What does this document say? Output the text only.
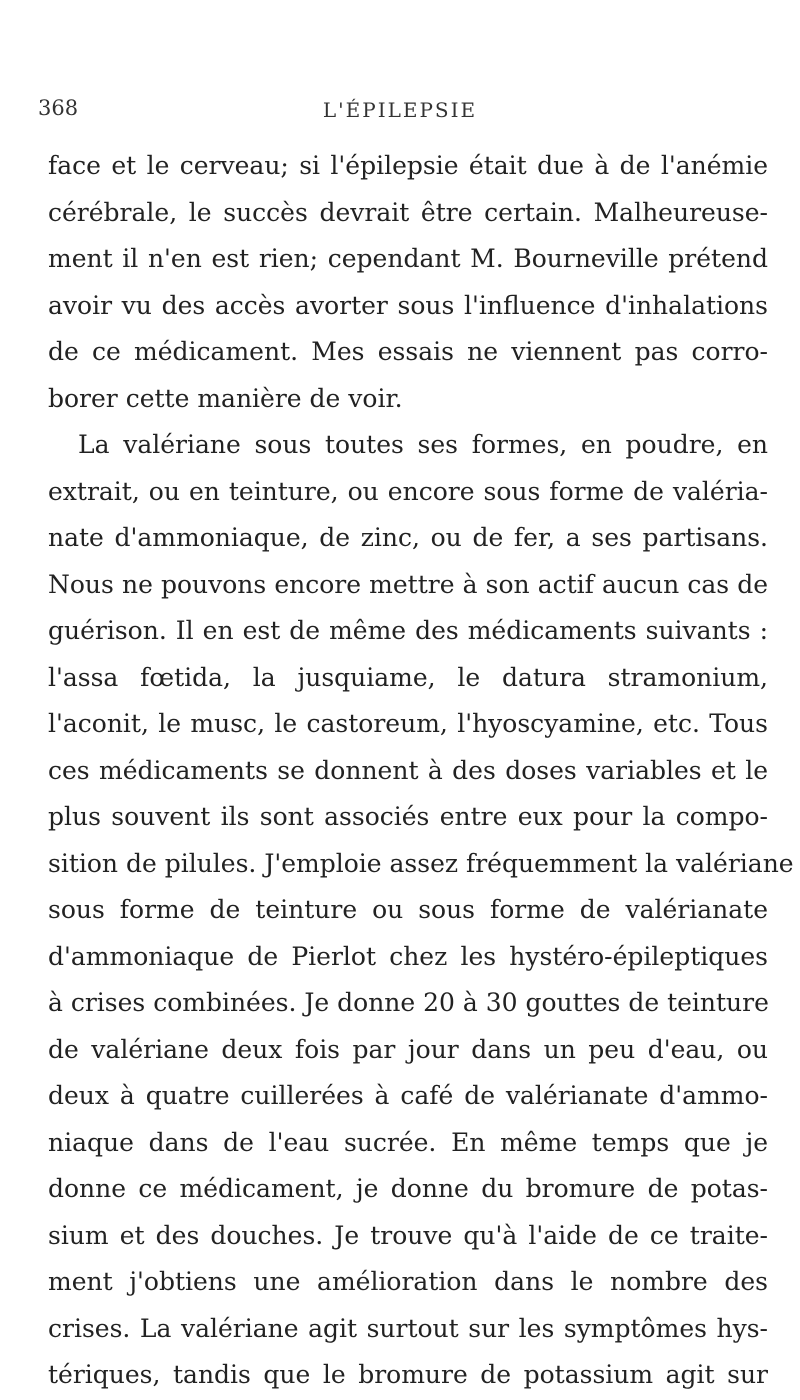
368	L'ÉPILEPSIE
face et le cerveau; si l'épilepsie était due à de l'anémie
cérébrale, le succès devrait être certain. Malheureuse-
ment il n'en est rien; cependant M. Bourneville prétend
avoir vu des accès avorter sous l'influence d'inhalations
de ce médicament. Mes essais ne viennent pas corro-
borer cette manière de voir.
La valériane sous toutes ses formes, en poudre, en
extrait, ou en teinture, ou encore sous forme de valéria-
nate d'ammoniaque, de zinc, ou de fer, a ses partisans.
Nous ne pouvons encore mettre à son actif aucun cas de
guérison. Il en est de même des médicaments suivants :
l'assa fœtida, la jusquiame, le datura stramonium,
l'aconit, le musc, le castoreum, l'hyoscyamine, etc. Tous
ces médicaments se donnent à des doses variables et le
plus souvent ils sont associés entre eux pour la compo-
sition de pilules. J'emploie assez fréquemment la valériane
sous forme de teinture ou sous forme de valérianate
d'ammoniaque de Pierlot chez les hystéro-épileptiques
à crises combinées. Je donne 20 à 30 gouttes de teinture
de valériane deux fois par jour dans un peu d'eau, ou
deux à quatre cuillerées à café de valérianate d'ammo-
niaque dans de l'eau sucrée. En même temps que je
donne ce médicament, je donne du bromure de potas-
sium et des douches. Je trouve qu'à l'aide de ce traite-
ment j'obtiens une amélioration dans le nombre des
crises. La valériane agit surtout sur les symptômes hys-
tériques, tandis que le bromure de potassium agit sur
